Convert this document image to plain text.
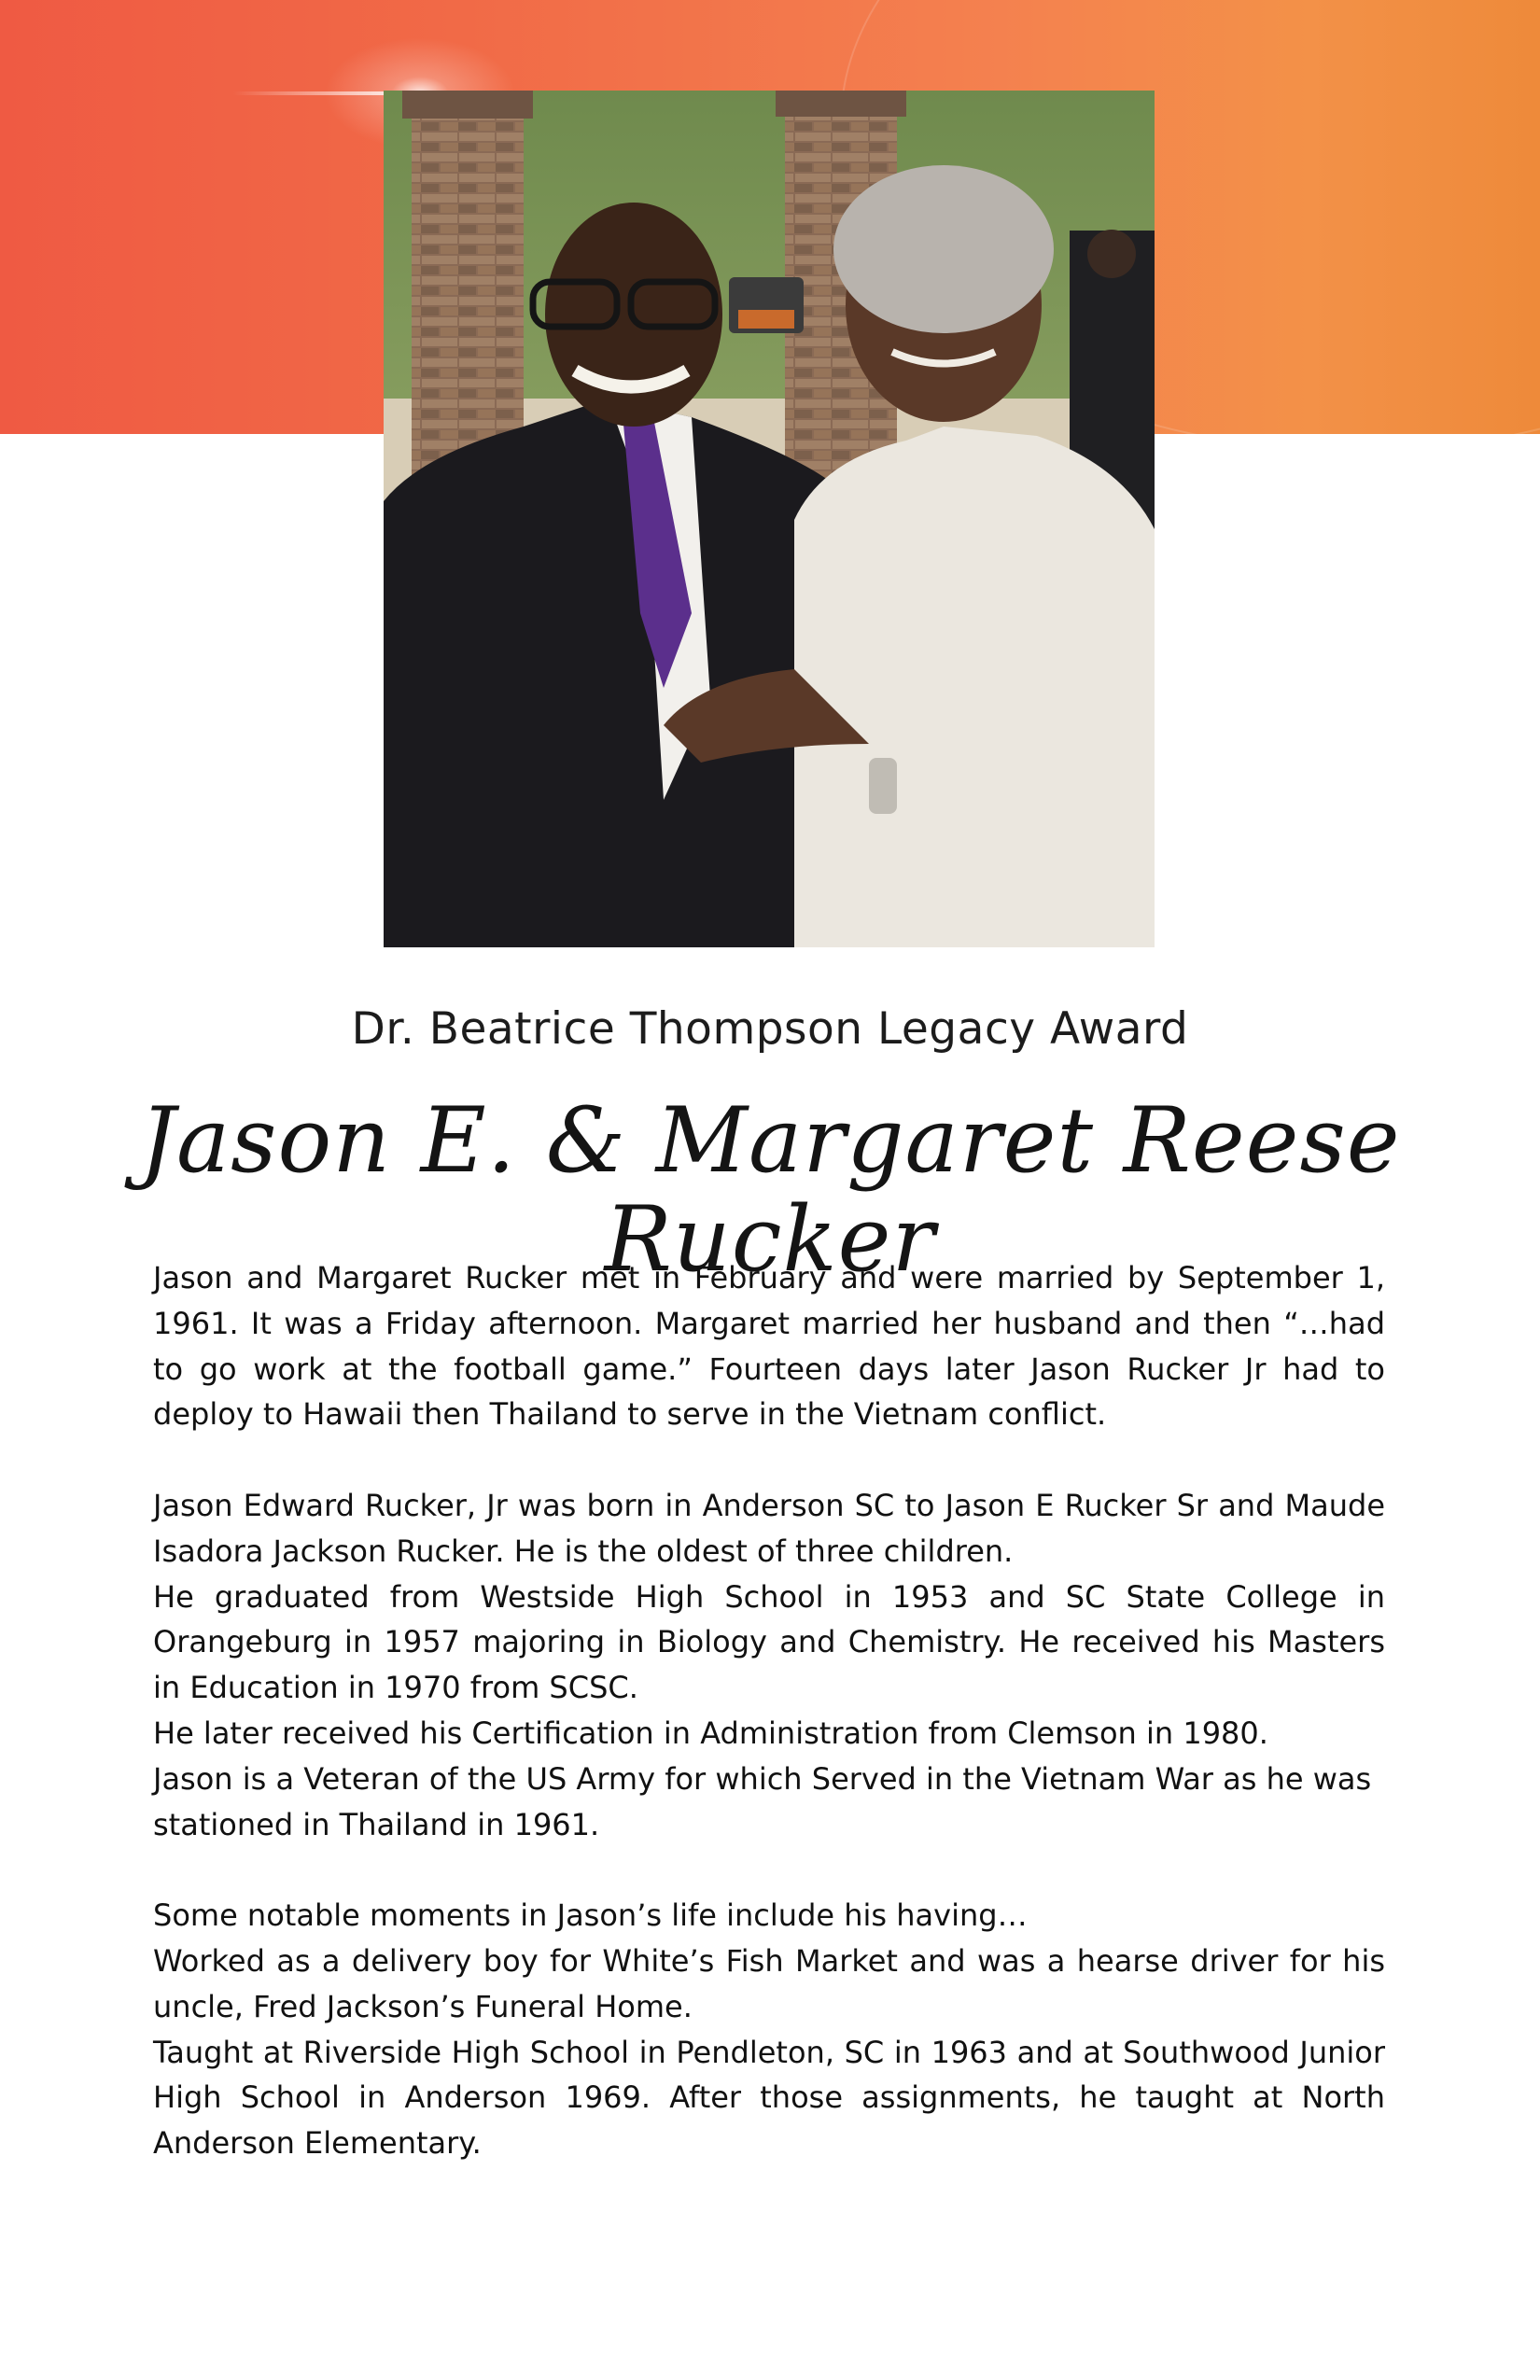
Dr. Beatrice Thompson Legacy Award
Jason E. & Margaret Reese Rucker

Jason and Margaret Rucker met in February and were married by September 1, 1961. It was a Friday afternoon. Margaret married her husband and then “…had to go work at the football game.” Fourteen days later Jason Rucker Jr had to deploy to Hawaii then Thailand to serve in the Vietnam conflict.

Jason Edward Rucker, Jr was born in Anderson SC to Jason E Rucker Sr and Maude Isadora Jackson Rucker. He is the oldest of three children.

He graduated from Westside High School in 1953 and SC State College in Orangeburg in 1957 majoring in Biology and Chemistry. He received his Masters in Education in 1970 from SCSC.

He later received his Certification in Administration from Clemson in 1980.

Jason is a Veteran of the US Army for which Served in the Vietnam War as he was stationed in Thailand in 1961.

Some notable moments in Jason’s life include his having…

Worked as a delivery boy for White’s Fish Market and was a hearse driver for his uncle, Fred Jackson’s Funeral Home.

Taught at Riverside High School in Pendleton, SC in 1963 and at Southwood Junior High School in Anderson 1969. After those assignments, he taught at North Anderson Elementary.
